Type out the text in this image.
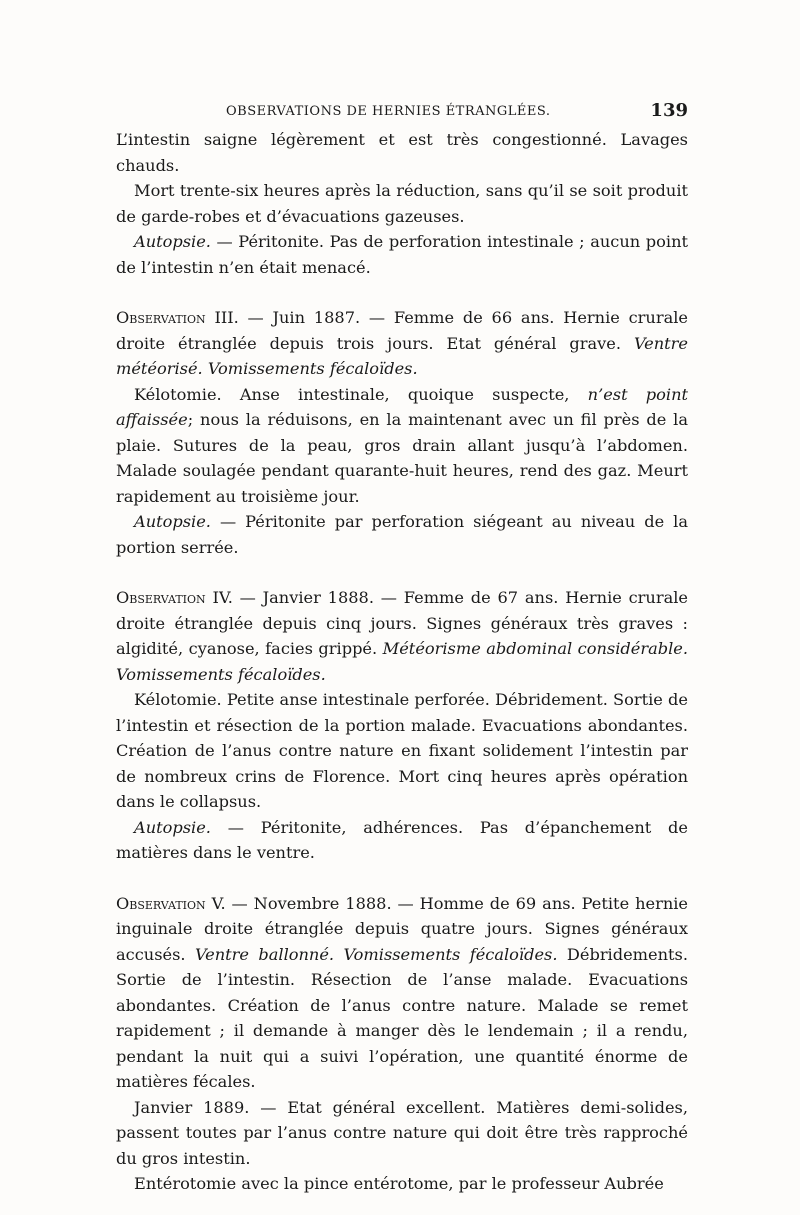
OBSERVATIONS DE HERNIES ÉTRANGLÉES.	139

L’intestin saigne légèrement et est très congestionné. Lavages chauds.

Mort trente-six heures après la réduction, sans qu’il se soit produit de garde-robes et d’évacuations gazeuses.

Autopsie. — Péritonite. Pas de perforation intestinale ; aucun point de l’intestin n’en était menacé.

Observation III. — Juin 1887. — Femme de 66 ans. Hernie crurale droite étranglée depuis trois jours. Etat général grave. Ventre météorisé. Vomissements fécaloïdes.

Kélotomie. Anse intestinale, quoique suspecte, n’est point affaissée; nous la réduisons, en la maintenant avec un fil près de la plaie. Sutures de la peau, gros drain allant jusqu’à l’abdomen. Malade soulagée pendant quarante-huit heures, rend des gaz. Meurt rapidement au troisième jour.

Autopsie. — Péritonite par perforation siégeant au niveau de la portion serrée.

Observation IV. — Janvier 1888. — Femme de 67 ans. Hernie crurale droite étranglée depuis cinq jours. Signes généraux très graves : algidité, cyanose, facies grippé. Météorisme abdominal considérable. Vomissements fécaloïdes.

Kélotomie. Petite anse intestinale perforée. Débridement. Sortie de l’intestin et résection de la portion malade. Evacuations abondantes. Création de l’anus contre nature en fixant solidement l’intestin par de nombreux crins de Florence. Mort cinq heures après opération dans le collapsus.

Autopsie. — Péritonite, adhérences. Pas d’épanchement de matières dans le ventre.

Observation V. — Novembre 1888. — Homme de 69 ans. Petite hernie inguinale droite étranglée depuis quatre jours. Signes généraux accusés. Ventre ballonné. Vomissements fécaloïdes. Débridements. Sortie de l’intestin. Résection de l’anse malade. Evacuations abondantes. Création de l’anus contre nature. Malade se remet rapidement ; il demande à manger dès le lendemain ; il a rendu, pendant la nuit qui a suivi l’opération, une quantité énorme de matières fécales.

Janvier 1889. — Etat général excellent. Matières demi-solides, passent toutes par l’anus contre nature qui doit être très rapproché du gros intestin.

Entérotomie avec la pince entérotome, par le professeur Aubrée
